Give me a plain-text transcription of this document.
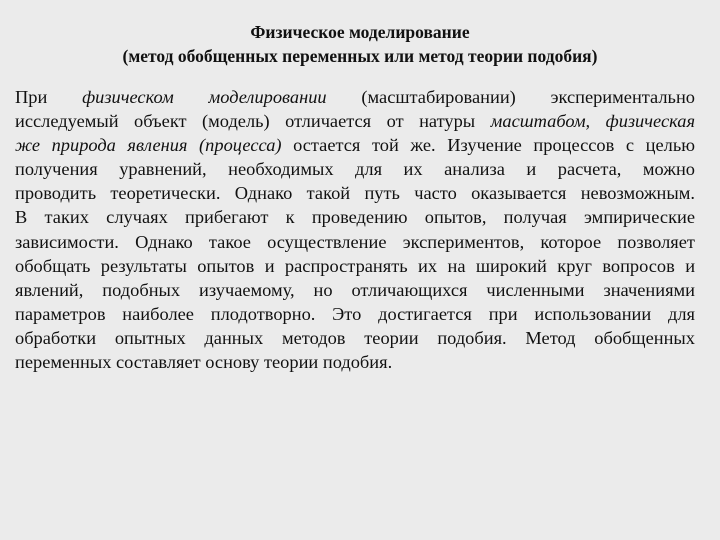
Физическое моделирование
(метод обобщенных переменных или метод теории подобия)
При физическом моделировании (масштабировании) экспериментально
исследуемый объект (модель) отличается от натуры масштабом, физическая
же природа явления (процесса) остается той же. Изучение процессов с целью
получения уравнений, необходимых для их анализа и расчета, можно
проводить теоретически. Однако такой путь часто оказывается невозможным.
В таких случаях прибегают к проведению опытов, получая эмпирические
зависимости. Однако такое осуществление экспериментов, которое позволяет
обобщать результаты опытов и распространять их на широкий круг вопросов и
явлений, подобных изучаемому, но отличающихся численными значениями
параметров наиболее плодотворно. Это достигается при использовании для
обработки опытных данных методов теории подобия. Метод обобщенных
переменных составляет основу теории подобия.
